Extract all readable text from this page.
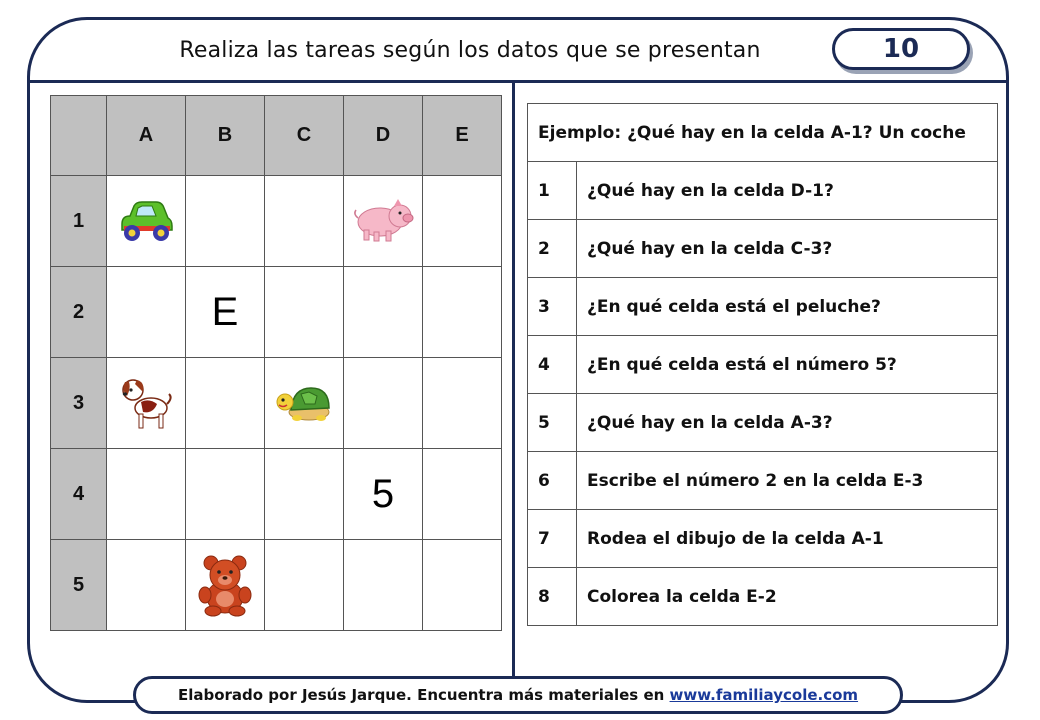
Realiza las tareas según los datos que se presentan	10
	A	B	C	D	E
1	

2		E			
3	

4				5	
5		

Ejemplo: ¿Qué hay en la celda A-1? Un coche	
1	¿Qué hay en la celda D-1?
2	¿Qué hay en la celda C-3?
3	¿En qué celda está el peluche?
4	¿En qué celda está el número 5?
5	¿Qué hay en la celda A-3?
6	Escribe el número 2 en la celda E-3
7	Rodea el dibujo de la celda A-1
8	Colorea la celda E-2
Elaborado por Jesús Jarque. Encuentra más materiales en www.familiaycole.com
